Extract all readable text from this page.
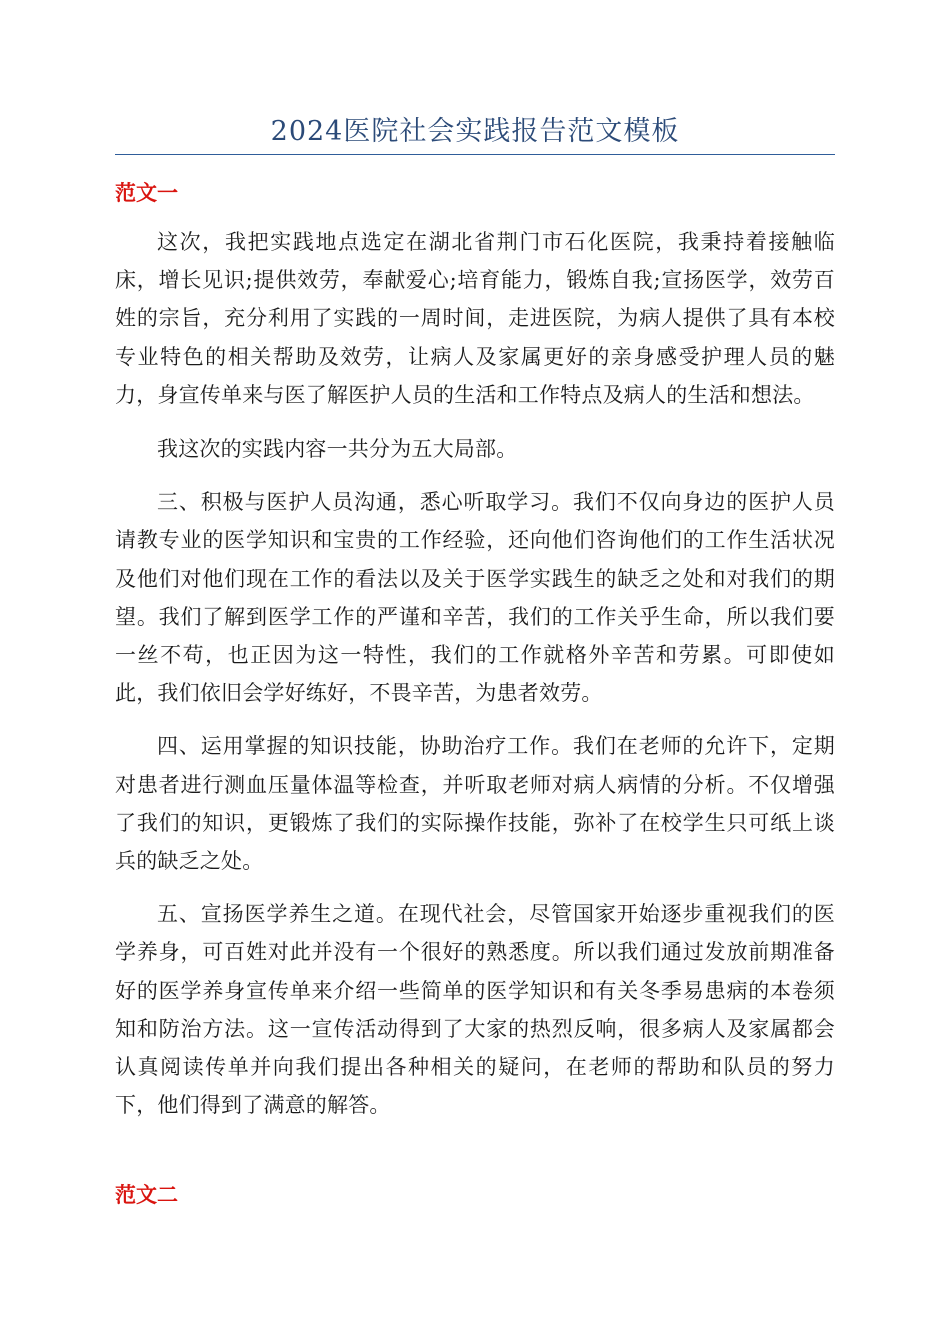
2024医院社会实践报告范文模板
范文一

这次，我把实践地点选定在湖北省荆门市石化医院，我秉持着接触临床，增长见识;提供效劳，奉献爱心;培育能力，锻炼自我;宣扬医学，效劳百姓的宗旨，充分利用了实践的一周时间，走进医院，为病人提供了具有本校专业特色的相关帮助及效劳，让病人及家属更好的亲身感受护理人员的魅力，身宣传单来与医了解医护人员的生活和工作特点及病人的生活和想法。

我这次的实践内容一共分为五大局部。

三、积极与医护人员沟通，悉心听取学习。我们不仅向身边的医护人员请教专业的医学知识和宝贵的工作经验，还向他们咨询他们的工作生活状况及他们对他们现在工作的看法以及关于医学实践生的缺乏之处和对我们的期望。我们了解到医学工作的严谨和辛苦，我们的工作关乎生命，所以我们要一丝不苟，也正因为这一特性，我们的工作就格外辛苦和劳累。可即使如此，我们依旧会学好练好，不畏辛苦，为患者效劳。

四、运用掌握的知识技能，协助治疗工作。我们在老师的允许下，定期对患者进行测血压量体温等检查，并听取老师对病人病情的分析。不仅增强了我们的知识，更锻炼了我们的实际操作技能，弥补了在校学生只可纸上谈兵的缺乏之处。

五、宣扬医学养生之道。在现代社会，尽管国家开始逐步重视我们的医学养身，可百姓对此并没有一个很好的熟悉度。所以我们通过发放前期准备好的医学养身宣传单来介绍一些简单的医学知识和有关冬季易患病的本卷须知和防治方法。这一宣传活动得到了大家的热烈反响，很多病人及家属都会认真阅读传单并向我们提出各种相关的疑问，在老师的帮助和队员的努力下，他们得到了满意的解答。

范文二
